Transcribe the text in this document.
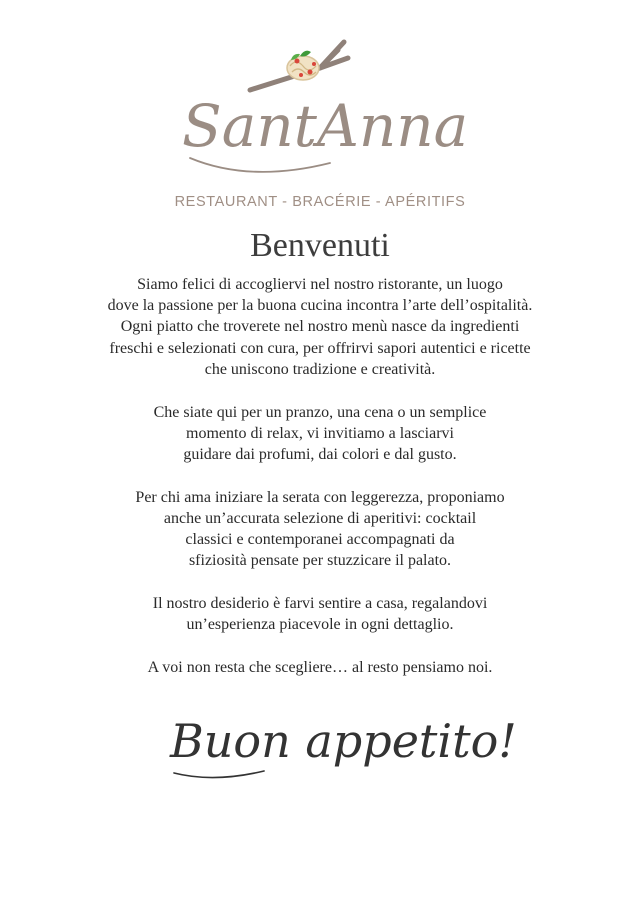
SantAnna
RESTAURANT - BRACÉRIE - APÉRITIFS
Benvenuti

Siamo felici di accogliervi nel nostro ristorante, un luogo
dove la passione per la buona cucina incontra l’arte dell’ospitalità.
Ogni piatto che troverete nel nostro menù nasce da ingredienti
freschi e selezionati con cura, per offrirvi sapori autentici e ricette
che uniscono tradizione e creatività.

Che siate qui per un pranzo, una cena o un semplice
momento di relax, vi invitiamo a lasciarvi
guidare dai profumi, dai colori e dal gusto.

Per chi ama iniziare la serata con leggerezza, proponiamo
anche un’accurata selezione di aperitivi: cocktail
classici e contemporanei accompagnati da
sfiziosità pensate per stuzzicare il palato.

Il nostro desiderio è farvi sentire a casa, regalandovi
un’esperienza piacevole in ogni dettaglio.

A voi non resta che scegliere… al resto pensiamo noi.

Buon appetito!
